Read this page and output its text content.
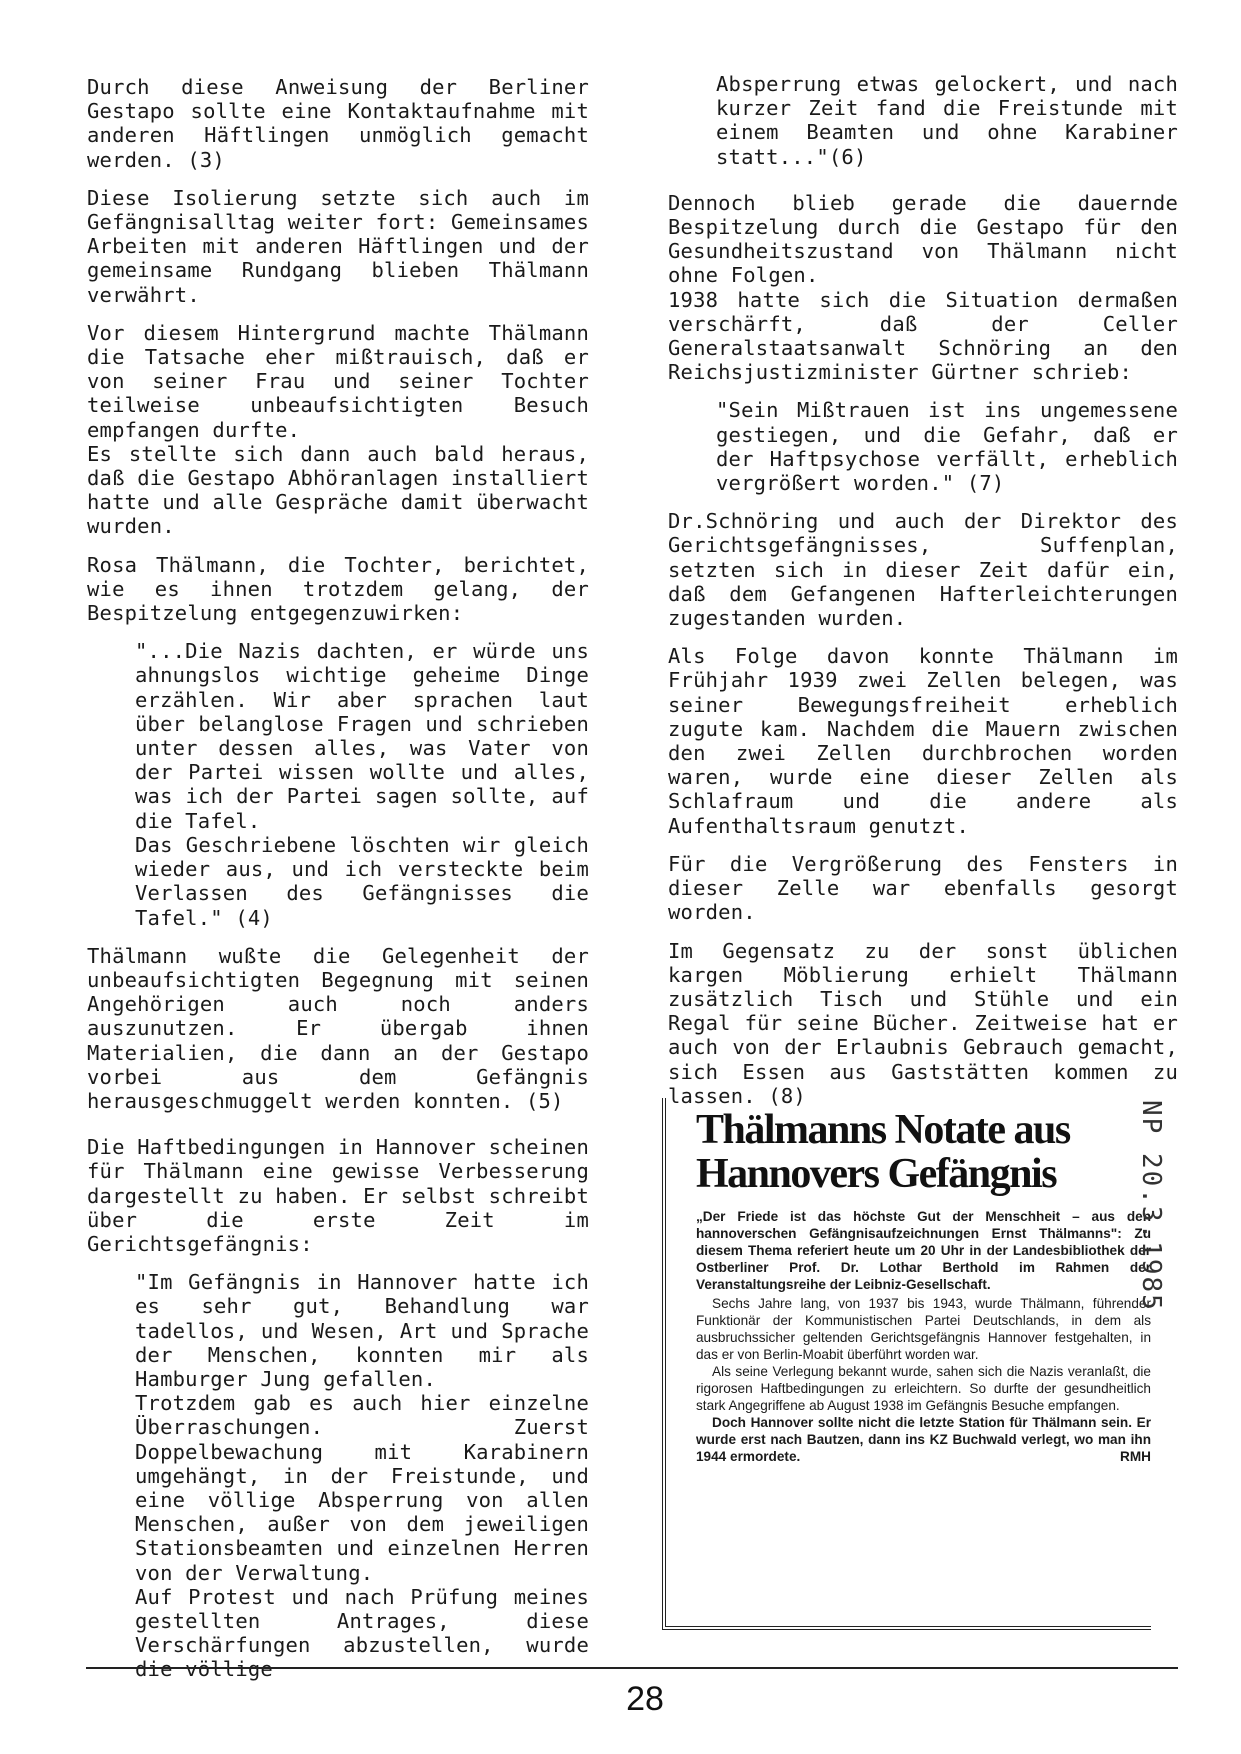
Durch diese Anweisung der Berliner Gestapo sollte eine Kontaktaufnahme mit anderen Häftlingen unmöglich gemacht werden. (3)

Diese Isolierung setzte sich auch im Gefängnisalltag weiter fort: Gemeinsames Arbeiten mit anderen Häftlingen und der gemeinsame Rundgang blieben Thälmann verwährt.

Vor diesem Hintergrund machte Thälmann die Tatsache eher mißtrauisch, daß er von seiner Frau und seiner Tochter teilweise unbeaufsichtigten Besuch empfangen durfte.
Es stellte sich dann auch bald heraus, daß die Gestapo Abhöranlagen installiert hatte und alle Gespräche damit überwacht wurden.

Rosa Thälmann, die Tochter, berichtet, wie es ihnen trotzdem gelang, der Bespitzelung entgegenzuwirken:

"...Die Nazis dachten, er würde uns ahnungslos wichtige geheime Dinge erzählen. Wir aber sprachen laut über belanglose Fragen und schrieben unter dessen alles, was Vater von der Partei wissen wollte und alles, was ich der Partei sagen sollte, auf die Tafel.
Das Geschriebene löschten wir gleich wieder aus, und ich versteckte beim Verlassen des Gefängnisses die Tafel." (4)

Thälmann wußte die Gelegenheit der unbeaufsichtigten Begegnung mit seinen Angehörigen auch noch anders auszunutzen. Er übergab ihnen Materialien, die dann an der Gestapo vorbei aus dem Gefängnis herausgeschmuggelt werden konnten. (5)

Die Haftbedingungen in Hannover scheinen für Thälmann eine gewisse Verbesserung dargestellt zu haben. Er selbst schreibt über die erste Zeit im Gerichtsgefängnis:

"Im Gefängnis in Hannover hatte ich es sehr gut, Behandlung war tadellos, und Wesen, Art und Sprache der Menschen, konnten mir als Hamburger Jung gefallen.
Trotzdem gab es auch hier einzelne Überraschungen. Zuerst Doppelbewachung mit Karabinern umgehängt, in der Freistunde, und eine völlige Absperrung von allen Menschen, außer von dem jeweiligen Stationsbeamten und einzelnen Herren von der Verwaltung.
Auf Protest und nach Prüfung meines gestellten Antrages, diese Verschärfungen abzustellen, wurde die völlige

Absperrung etwas gelockert, und nach kurzer Zeit fand die Freistunde mit einem Beamten und ohne Karabiner statt..."(6)

Dennoch blieb gerade die dauernde Bespitzelung durch die Gestapo für den Gesundheitszustand von Thälmann nicht ohne Folgen.
1938 hatte sich die Situation dermaßen verschärft, daß der Celler Generalstaatsanwalt Schnöring an den Reichsjustizminister Gürtner schrieb:

"Sein Mißtrauen ist ins ungemessene gestiegen, und die Gefahr, daß er der Haftpsychose verfällt, erheblich vergrößert worden." (7)

Dr.Schnöring und auch der Direktor des Gerichtsgefängnisses, Suffenplan, setzten sich in dieser Zeit dafür ein, daß dem Gefangenen Hafterleichterungen zugestanden wurden.

Als Folge davon konnte Thälmann im Frühjahr 1939 zwei Zellen belegen, was seiner Bewegungsfreiheit erheblich zugute kam. Nachdem die Mauern zwischen den zwei Zellen durchbrochen worden waren, wurde eine dieser Zellen als Schlafraum und die andere als Aufenthaltsraum genutzt.

Für die Vergrößerung des Fensters in dieser Zelle war ebenfalls gesorgt worden.

Im Gegensatz zu der sonst üblichen kargen Möblierung erhielt Thälmann zusätzlich Tisch und Stühle und ein Regal für seine Bücher. Zeitweise hat er auch von der Erlaubnis Gebrauch gemacht, sich Essen aus Gaststätten kommen zu lassen. (8)

Thälmanns Notate aus Hannovers Gefängnis

„Der Friede ist das höchste Gut der Menschheit – aus den hannoverschen Gefängnisaufzeichnungen Ernst Thälmanns": Zu diesem Thema referiert heute um 20 Uhr in der Landesbibliothek der Ostberliner Prof. Dr. Lothar Berthold im Rahmen der Veranstaltungsreihe der Leibniz-Gesellschaft.

Sechs Jahre lang, von 1937 bis 1943, wurde Thälmann, führender Funktionär der Kommunistischen Partei Deutschlands, in dem als ausbruchssicher geltenden Gerichtsgefängnis Hannover festgehalten, in das er von Berlin-Moabit überführt worden war.

Als seine Verlegung bekannt wurde, sahen sich die Nazis veranlaßt, die rigorosen Haftbedingungen zu erleichtern. So durfte der gesundheitlich stark Angegriffene ab August 1938 im Gefängnis Besuche empfangen.

Doch Hannover sollte nicht die letzte Station für Thälmann sein. Er wurde erst nach Bautzen, dann ins KZ Buchwald verlegt, wo man ihn 1944 ermordete.	RMH

NP 20.3.1985
28
